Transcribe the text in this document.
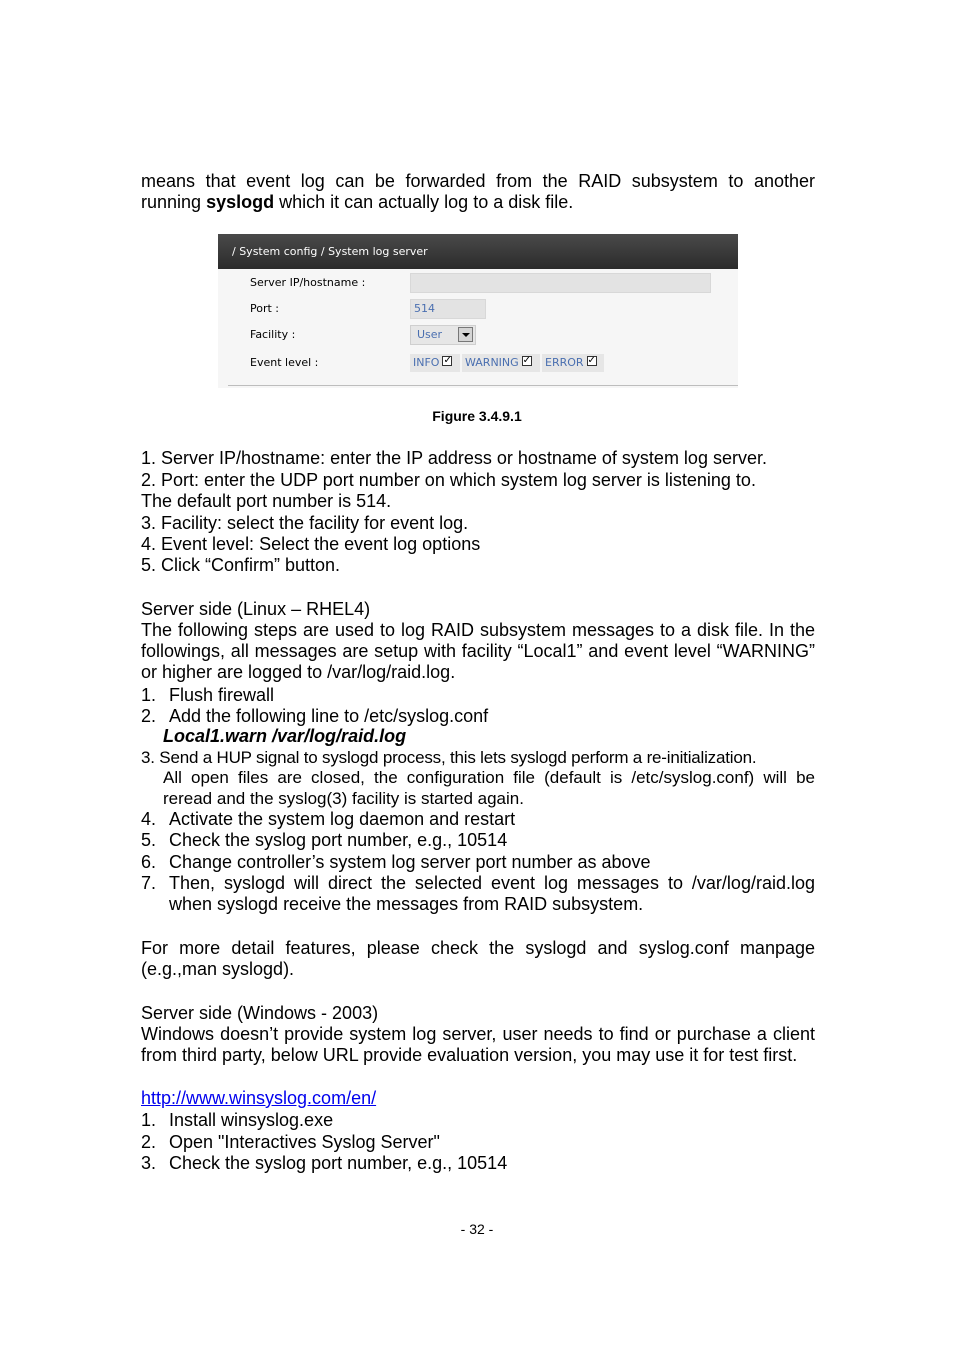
means that event log can be forwarded from the RAID subsystem to another
running syslogd which it can actually log to a disk file.
/ System config / System log server
Server IP/hostname :
Port :	514
Facility :	User
Event level :	INFO ✓	WARNING ✓	ERROR ✓
Figure 3.4.9.1
1. Server IP/hostname: enter the IP address or hostname of system log server.
2. Port: enter the UDP port number on which system log server is listening to.
The default port number is 514.
3. Facility: select the facility for event log.
4. Event level: Select the event log options
5. Click “Confirm” button.
Server side (Linux – RHEL4)
The following steps are used to log RAID subsystem messages to a disk file. In the followings, all messages are setup with facility “Local1” and event level “WARNING” or higher are logged to /var/log/raid.log.
1. Flush firewall
2. Add the following line to /etc/syslog.conf
Local1.warn /var/log/raid.log
3. Send a HUP signal to syslogd process, this lets syslogd perform a re-initialization.
All open files are closed, the configuration file (default is /etc/syslog.conf) will be reread and the syslog(3) facility is started again.
4. Activate the system log daemon and restart
5. Check the syslog port number, e.g., 10514
6. Change controller’s system log server port number as above
7. Then, syslogd will direct the selected event log messages to /var/log/raid.log when syslogd receive the messages from RAID subsystem.
For more detail features, please check the syslogd and syslog.conf manpage (e.g.,man syslogd).
Server side (Windows - 2003)
Windows doesn’t provide system log server, user needs to find or purchase a client from third party, below URL provide evaluation version, you may use it for test first.
http://www.winsyslog.com/en/
1. Install winsyslog.exe
2. Open "Interactives Syslog Server"
3. Check the syslog port number, e.g., 10514
- 32 -
